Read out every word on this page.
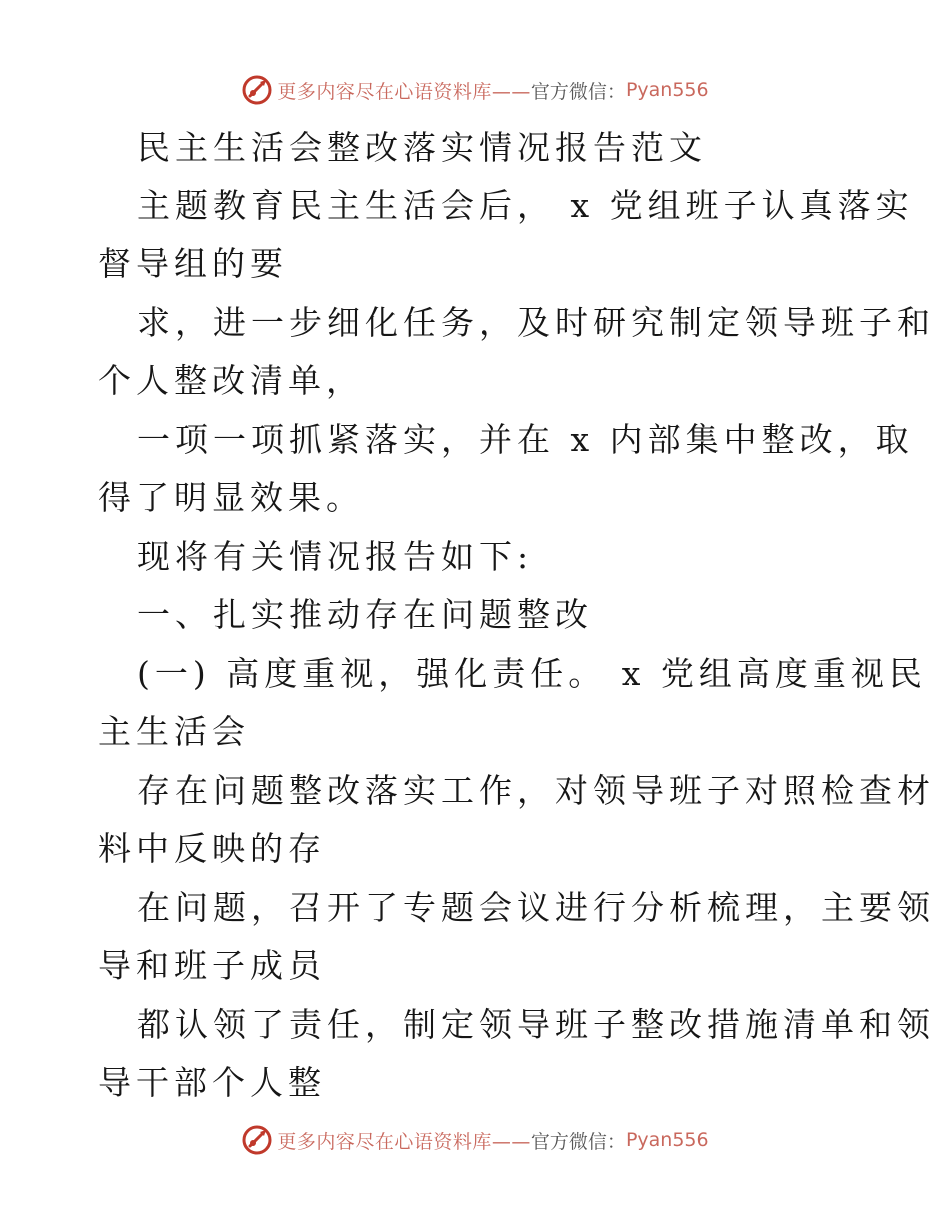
更多内容尽在心语资料库—— 官方微信： Pyan556
民主生活会整改落实情况报告范文
主题教育民主生活会后， x 党组班子认真落实
督导组的要
求，进一步细化任务，及时研究制定领导班子和
个人整改清单，
一项一项抓紧落实，并在 x 内部集中整改，取
得了明显效果。
现将有关情况报告如下:
一、扎实推动存在问题整改
(一) 高度重视，强化责任。 x 党组高度重视民
主生活会
存在问题整改落实工作，对领导班子对照检查材
料中反映的存
在问题，召开了专题会议进行分析梳理，主要领
导和班子成员
都认领了责任，制定领导班子整改措施清单和领
导干部个人整
更多内容尽在心语资料库—— 官方微信： Pyan556
